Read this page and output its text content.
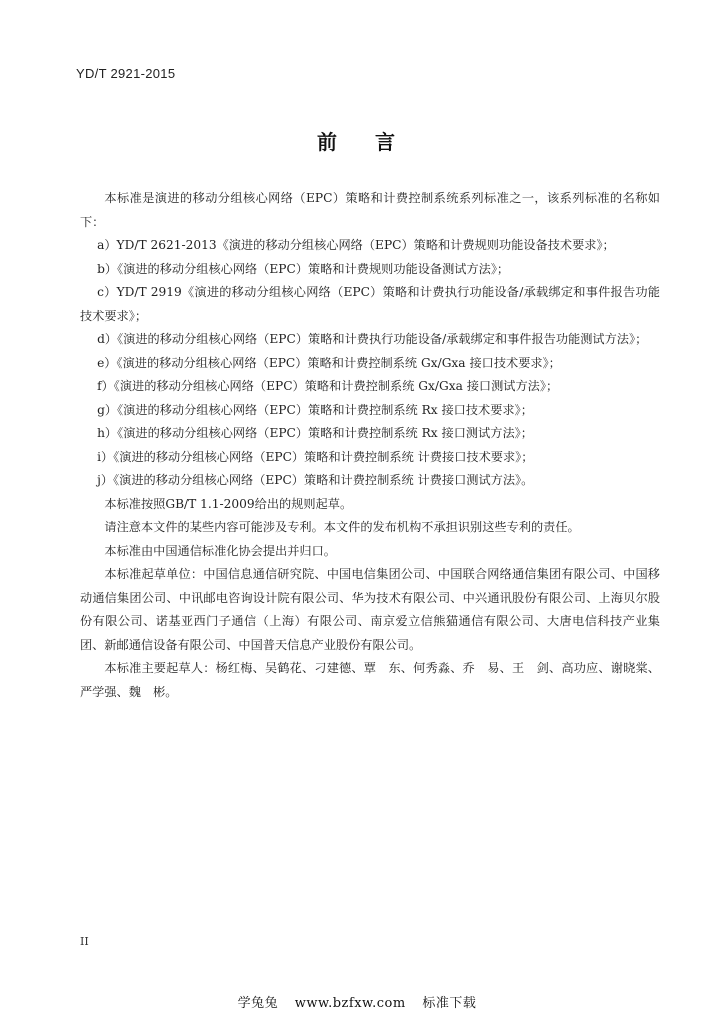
YD/T 2921-2015
前 言

本标准是演进的移动分组核心网络（EPC）策略和计费控制系统系列标准之一，该系列标准的名称如下：

a）YD/T 2621-2013《演进的移动分组核心网络（EPC）策略和计费规则功能设备技术要求》；

b）《演进的移动分组核心网络（EPC）策略和计费规则功能设备测试方法》；

c）YD/T 2919《演进的移动分组核心网络（EPC）策略和计费执行功能设备/承载绑定和事件报告功能技术要求》；

d）《演进的移动分组核心网络（EPC）策略和计费执行功能设备/承载绑定和事件报告功能测试方法》；

e）《演进的移动分组核心网络（EPC）策略和计费控制系统 Gx/Gxa 接口技术要求》；

f）《演进的移动分组核心网络（EPC）策略和计费控制系统 Gx/Gxa 接口测试方法》；

g）《演进的移动分组核心网络（EPC）策略和计费控制系统 Rx 接口技术要求》；

h）《演进的移动分组核心网络（EPC）策略和计费控制系统 Rx 接口测试方法》；

i）《演进的移动分组核心网络（EPC）策略和计费控制系统 计费接口技术要求》；

j）《演进的移动分组核心网络（EPC）策略和计费控制系统 计费接口测试方法》。

本标准按照GB/T 1.1-2009给出的规则起草。

请注意本文件的某些内容可能涉及专利。本文件的发布机构不承担识别这些专利的责任。

本标准由中国通信标准化协会提出并归口。

本标准起草单位：中国信息通信研究院、中国电信集团公司、中国联合网络通信集团有限公司、中国移动通信集团公司、中讯邮电咨询设计院有限公司、华为技术有限公司、中兴通讯股份有限公司、上海贝尔股份有限公司、诺基亚西门子通信（上海）有限公司、南京爱立信熊猫通信有限公司、大唐电信科技产业集团、新邮通信设备有限公司、中国普天信息产业股份有限公司。

本标准主要起草人：杨红梅、吴鹤花、刁建德、覃　东、何秀淼、乔　易、王　剑、高功应、谢晓棠、严学强、魏　彬。

II
学兔兔 www.bzfxw.com 标准下载
